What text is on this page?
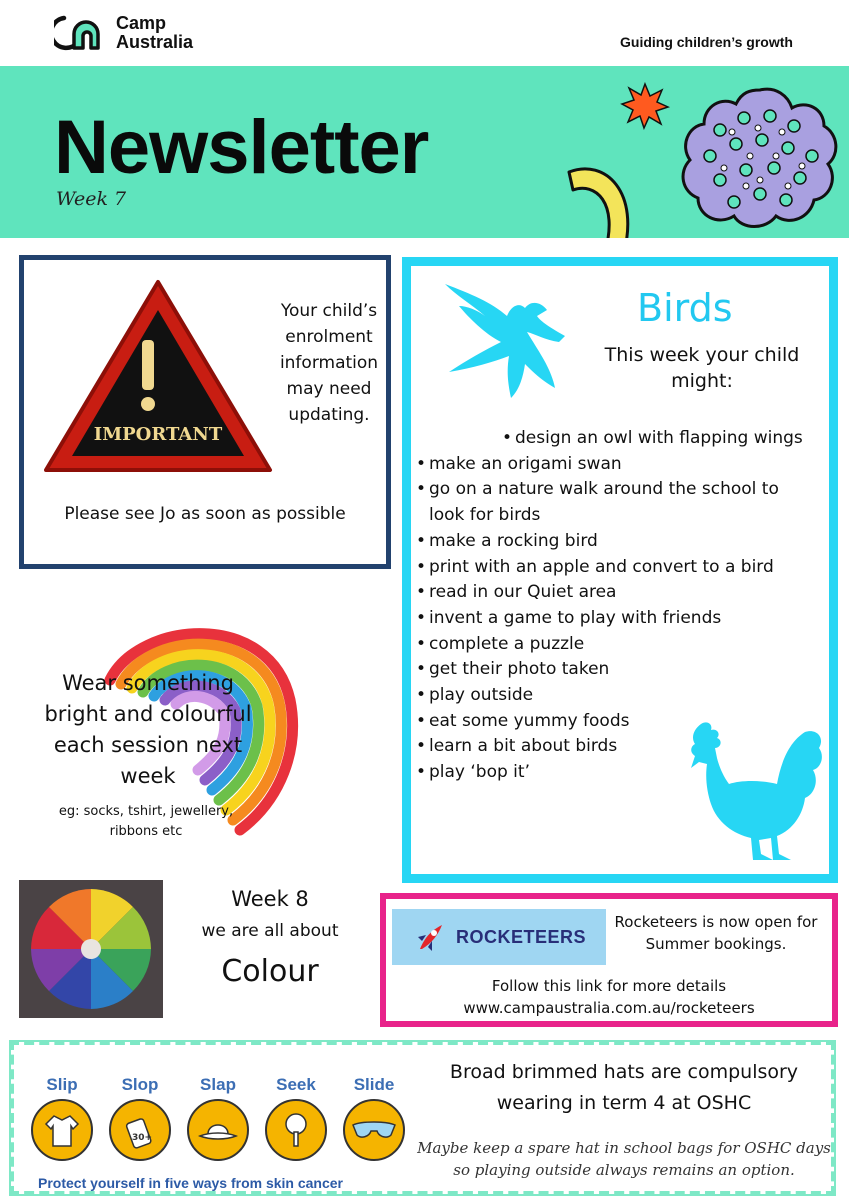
Camp
Australia	Guiding children’s growth
Newsletter
Week 7
IMPORTANT
Your child’s enrolment information may need updating.
Please see Jo as soon as possible
Birds
This week your child might:
• design an owl with flapping wings
• make an origami swan
• go on a nature walk around the school to look for birds
• make a rocking bird
• print with an apple and convert to a bird
• read in our Quiet area
• invent a game to play with friends
• complete a puzzle
• get their photo taken
• play outside
• eat some yummy foods
• learn a bit about birds
• play ‘bop it’
Wear something bright and colourful each session next week
eg: socks, tshirt, jewellery, ribbons etc
Week 8
we are all about
Colour
ROCKETEERS
Rocketeers is now open for Summer bookings.
Follow this link for more details
www.campaustralia.com.au/rocketeers
Slip	Slop
30+
Slap Seek Slide
Protect yourself in five ways from skin cancer
Broad brimmed hats are compulsory wearing in term 4 at OSHC
Maybe keep a spare hat in school bags for OSHC days so playing outside always remains an option.
